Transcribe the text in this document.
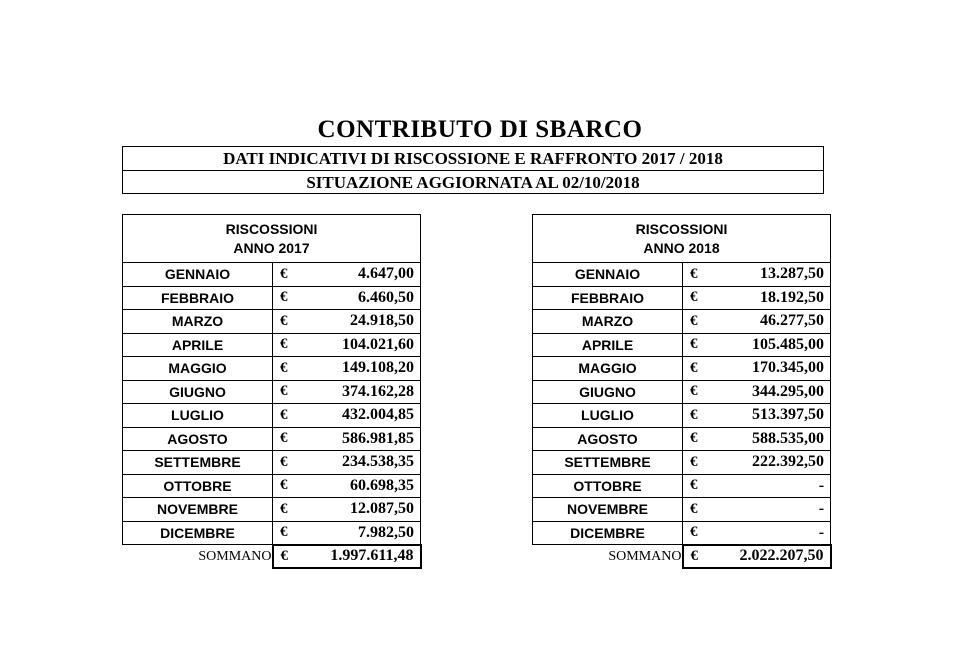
CONTRIBUTO DI SBARCO
DATI INDICATIVI DI RISCOSSIONE E RAFFRONTO 2017 / 2018
SITUAZIONE AGGIORNATA AL 02/10/2018
RISCOSSIONI
ANNO 2017		

GENNAIO	€	4.647,00
FEBBRAIO	€	6.460,50
MARZO	€	24.918,50
APRILE	€	104.021,60
MAGGIO	€	149.108,20
GIUGNO	€	374.162,28
LUGLIO	€	432.004,85
AGOSTO	€	586.981,85
SETTEMBRE	€	234.538,35
OTTOBRE	€	60.698,35
NOVEMBRE	€	12.087,50
DICEMBRE	€	7.982,50
SOMMANO	€	1.997.611,48
RISCOSSIONI
ANNO 2018		

GENNAIO	€	13.287,50
FEBBRAIO	€	18.192,50
MARZO	€	46.277,50
APRILE	€	105.485,00
MAGGIO	€	170.345,00
GIUGNO	€	344.295,00
LUGLIO	€	513.397,50
AGOSTO	€	588.535,00
SETTEMBRE	€	222.392,50
OTTOBRE	€	-
NOVEMBRE	€	-
DICEMBRE	€	-
SOMMANO	€	2.022.207,50
